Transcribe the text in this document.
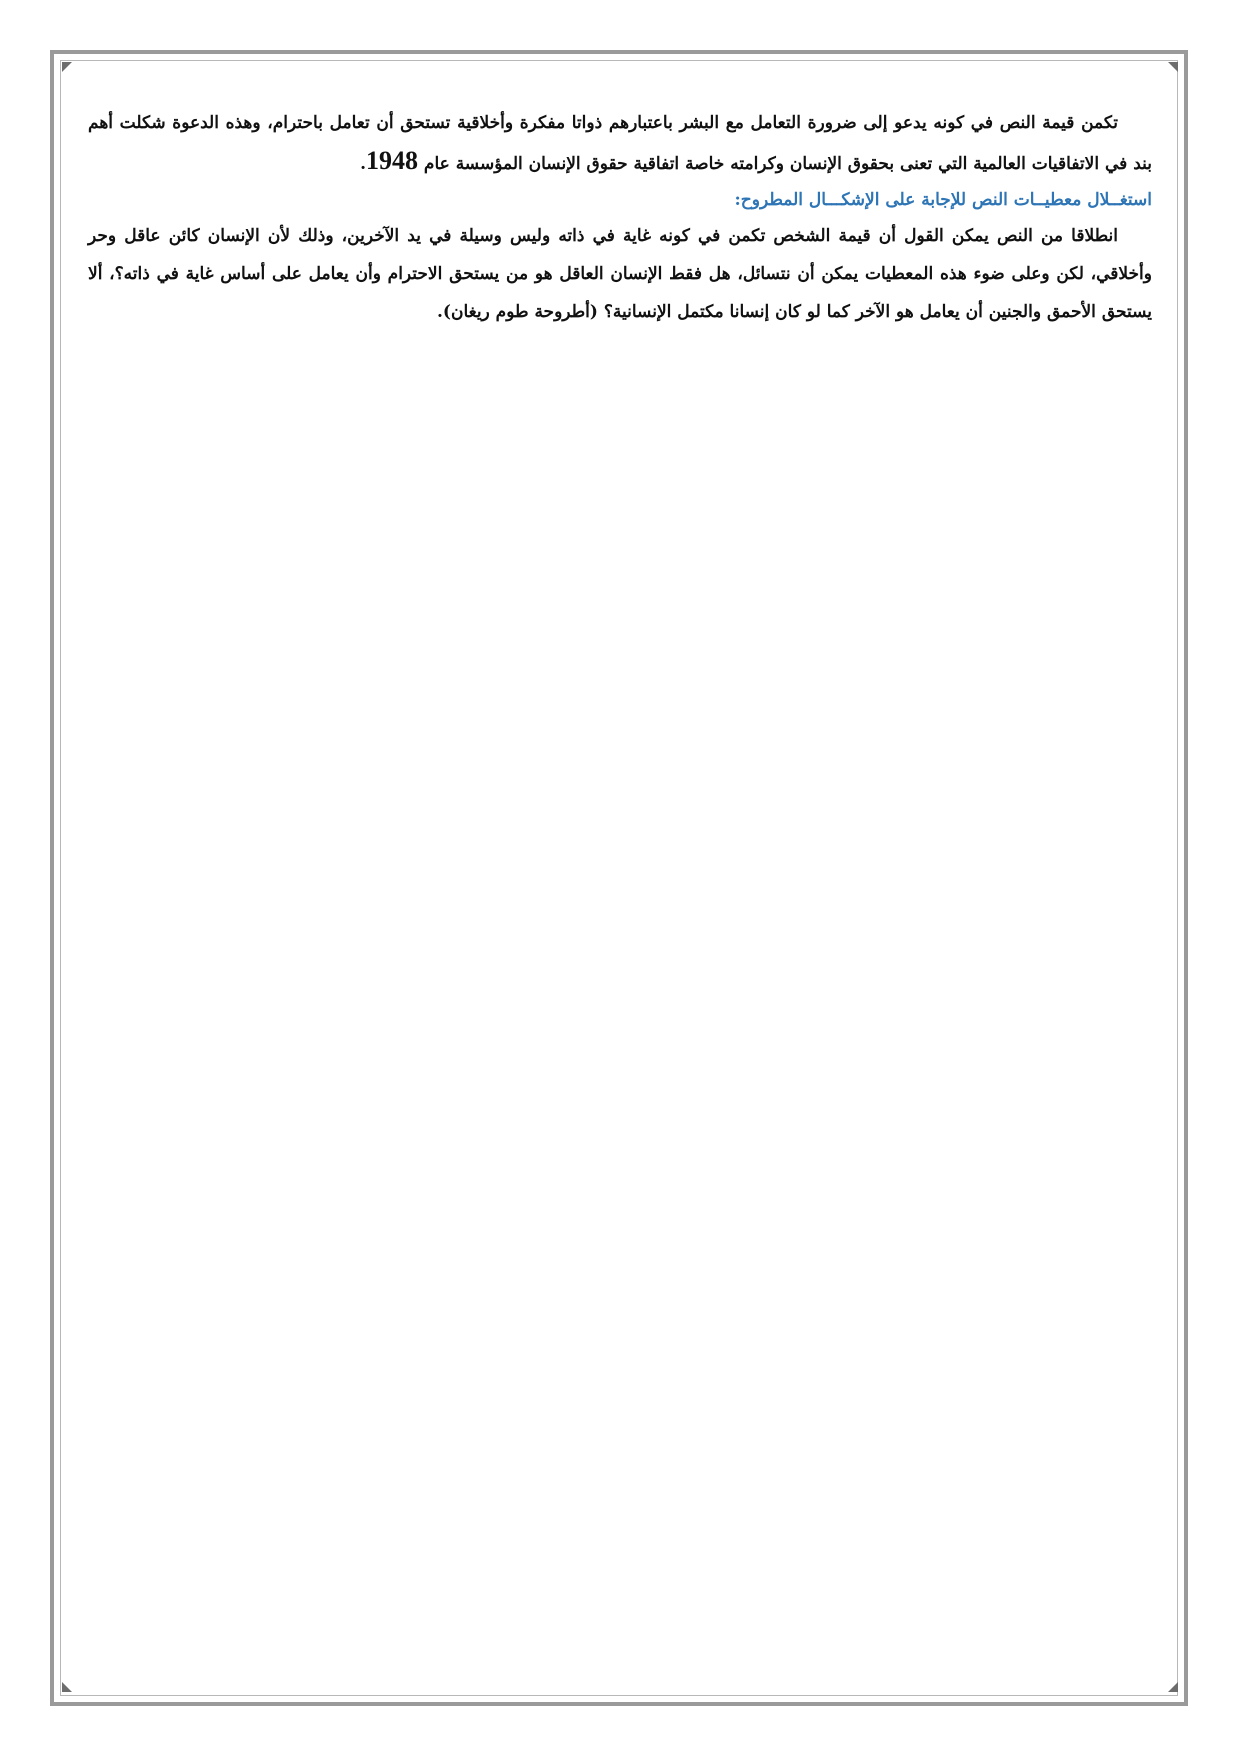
تكمن قيمة النص في كونه يدعو إلى ضرورة التعامل مع البشر باعتبارهم ذواتا مفكرة وأخلاقية تستحق أن تعامل باحترام، وهذه الدعوة شكلت أهم بند في الاتفاقيات العالمية التي تعنى بحقوق الإنسان وكرامته خاصة اتفاقية حقوق الإنسان المؤسسة عام 1948.

استغــلال معطيــات النص للإجابة على الإشكـــال المطروح:

انطلاقا من النص يمكن القول أن قيمة الشخص تكمن في كونه غاية في ذاته وليس وسيلة في يد الآخرين، وذلك لأن الإنسان كائن عاقل وحر وأخلاقي، لكن وعلى ضوء هذه المعطيات يمكن أن نتسائل، هل فقط الإنسان العاقل هو من يستحق الاحترام وأن يعامل على أساس غاية في ذاته؟، ألا يستحق الأحمق والجنين أن يعامل هو الآخر كما لو كان إنسانا مكتمل الإنسانية؟ (أطروحة طوم ريغان).
